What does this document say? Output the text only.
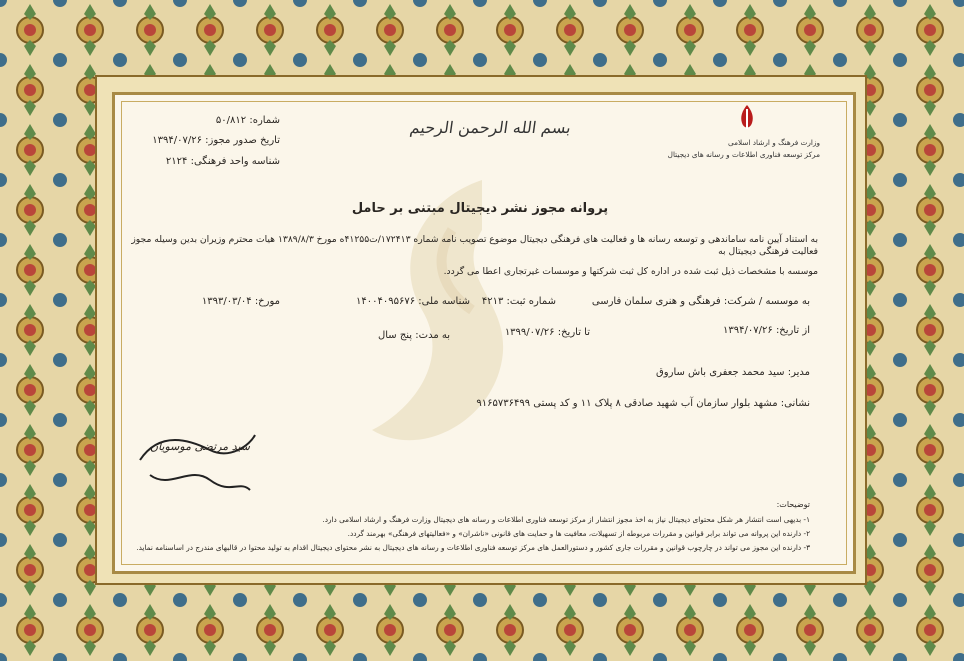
وزارت فرهنگ و ارشاد اسلامی
مرکز توسعه فناوری اطلاعات و رسانه های دیجیتال
بسم الله الرحمن الرحیم
شماره: ۵۰/۸۱۲
تاریخ صدور مجوز: ۱۳۹۴/۰۷/۲۶
شناسه واحد فرهنگی: ۲۱۲۴
پروانه مجوز نشر دیجیتال مبتنی بر حامل
به استناد آیین نامه ساماندهی و توسعه رسانه ها و فعالیت های فرهنگی دیجیتال موضوع تصویب نامه شماره ۱۷۲۴۱۳/ت۴۱۲۵۵ه مورخ ۱۳۸۹/۸/۳ هیات محترم وزیران بدین وسیله مجوز فعالیت فرهنگی دیجیتال به
موسسه با مشخصات ذیل ثبت شده در اداره کل ثبت شرکتها و موسسات غیرتجاری اعطا می گردد.
به موسسه / شرکت: فرهنگی و هنری سلمان فارسی
شماره ثبت: ۴۲۱۳
شناسه ملی: ۱۴۰۰۴۰۹۵۶۷۶
مورخ: ۱۳۹۳/۰۳/۰۴
از تاریخ: ۱۳۹۴/۰۷/۲۶
تا تاریخ: ۱۳۹۹/۰۷/۲۶
به مدت: پنج سال
مدیر: سید محمد جعفری باش ساروق
نشانی: مشهد بلوار سازمان آب شهید صادقی ۸ پلاک ۱۱ و کد پستی ۹۱۶۵۷۳۶۴۹۹
سید مرتضی موسویان
توضیحات:
۱- بدیهی است انتشار هر شکل محتوای دیجیتال نیاز به اخذ مجوز انتشار از مرکز توسعه فناوری اطلاعات و رسانه های دیجیتال وزارت فرهنگ و ارشاد اسلامی دارد.
۲- دارنده این پروانه می تواند برابر قوانین و مقررات مربوطه از تسهیلات، معافیت ها و حمایت های قانونی «ناشران» و «فعالیتهای فرهنگی» بهرمند گردد.
۳- دارنده این مجوز می تواند در چارچوب قوانین و مقررات جاری کشور و دستورالعمل های مرکز توسعه فناوری اطلاعات و رسانه های دیجیتال به نشر محتوای دیجیتال اقدام به تولید محتوا در قالبهای مندرج در اساسنامه نماید.
